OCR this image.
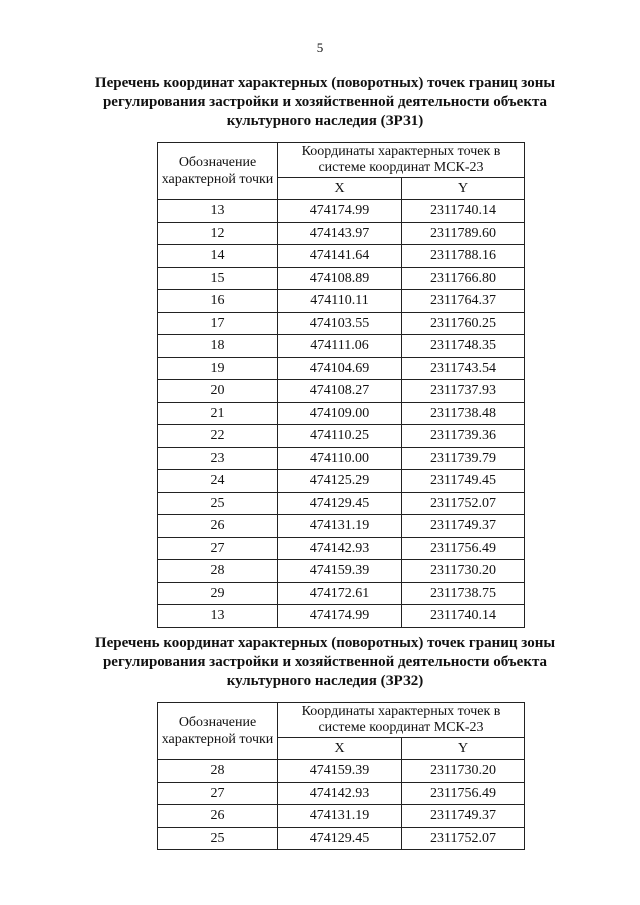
5
Перечень координат характерных (поворотных) точек границ зоны регулирования застройки и хозяйственной деятельности объекта культурного наследия (ЗРЗ1)
Обозначение характерной точки	Координаты характерных точек в системе координат МСК-23	
	X	Y
13	474174.99	2311740.14
12	474143.97	2311789.60
14	474141.64	2311788.16
15	474108.89	2311766.80
16	474110.11	2311764.37
17	474103.55	2311760.25
18	474111.06	2311748.35
19	474104.69	2311743.54
20	474108.27	2311737.93
21	474109.00	2311738.48
22	474110.25	2311739.36
23	474110.00	2311739.79
24	474125.29	2311749.45
25	474129.45	2311752.07
26	474131.19	2311749.37
27	474142.93	2311756.49
28	474159.39	2311730.20
29	474172.61	2311738.75
13	474174.99	2311740.14
Перечень координат характерных (поворотных) точек границ зоны регулирования застройки и хозяйственной деятельности объекта культурного наследия (ЗРЗ2)
Обозначение характерной точки	Координаты характерных точек в системе координат МСК-23	
	X	Y
28	474159.39	2311730.20
27	474142.93	2311756.49
26	474131.19	2311749.37
25	474129.45	2311752.07
